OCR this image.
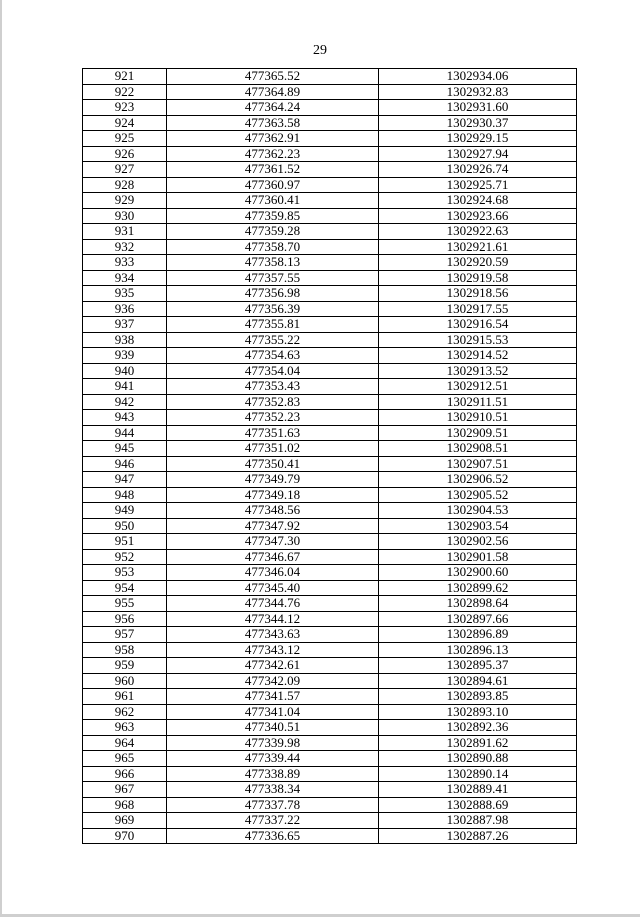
29
921	477365.52	1302934.06
922	477364.89	1302932.83
923	477364.24	1302931.60
924	477363.58	1302930.37
925	477362.91	1302929.15
926	477362.23	1302927.94
927	477361.52	1302926.74
928	477360.97	1302925.71
929	477360.41	1302924.68
930	477359.85	1302923.66
931	477359.28	1302922.63
932	477358.70	1302921.61
933	477358.13	1302920.59
934	477357.55	1302919.58
935	477356.98	1302918.56
936	477356.39	1302917.55
937	477355.81	1302916.54
938	477355.22	1302915.53
939	477354.63	1302914.52
940	477354.04	1302913.52
941	477353.43	1302912.51
942	477352.83	1302911.51
943	477352.23	1302910.51
944	477351.63	1302909.51
945	477351.02	1302908.51
946	477350.41	1302907.51
947	477349.79	1302906.52
948	477349.18	1302905.52
949	477348.56	1302904.53
950	477347.92	1302903.54
951	477347.30	1302902.56
952	477346.67	1302901.58
953	477346.04	1302900.60
954	477345.40	1302899.62
955	477344.76	1302898.64
956	477344.12	1302897.66
957	477343.63	1302896.89
958	477343.12	1302896.13
959	477342.61	1302895.37
960	477342.09	1302894.61
961	477341.57	1302893.85
962	477341.04	1302893.10
963	477340.51	1302892.36
964	477339.98	1302891.62
965	477339.44	1302890.88
966	477338.89	1302890.14
967	477338.34	1302889.41
968	477337.78	1302888.69
969	477337.22	1302887.98
970	477336.65	1302887.26
